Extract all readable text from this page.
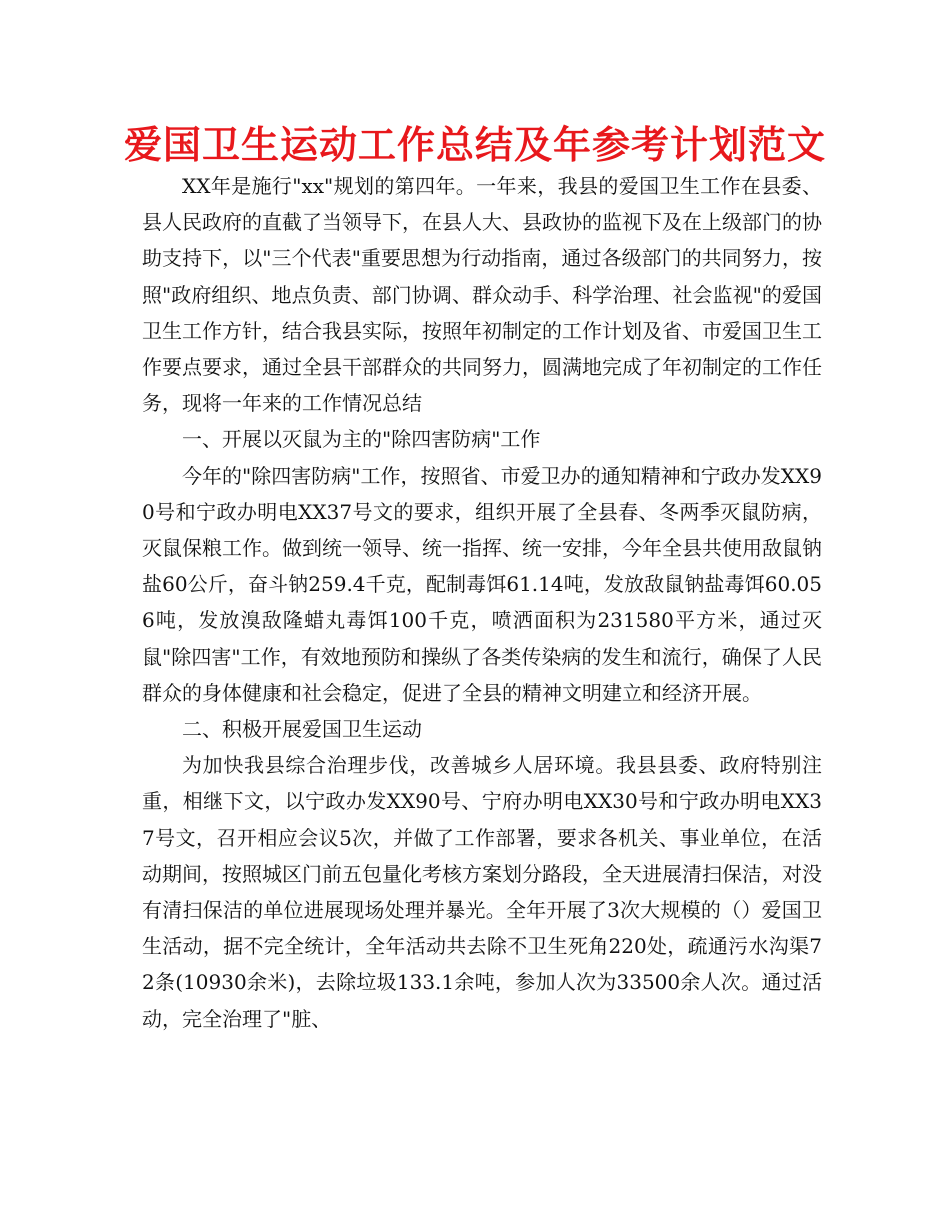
爱国卫生运动工作总结及年参考计划范文

XX年是施行"xx"规划的第四年。一年来，我县的爱国卫生工作在县委、县人民政府的直截了当领导下，在县人大、县政协的监视下及在上级部门的协助支持下，以"三个代表"重要思想为行动指南，通过各级部门的共同努力，按照"政府组织、地点负责、部门协调、群众动手、科学治理、社会监视"的爱国卫生工作方针，结合我县实际，按照年初制定的工作计划及省、市爱国卫生工作要点要求，通过全县干部群众的共同努力，圆满地完成了年初制定的工作任务，现将一年来的工作情况总结

一、开展以灭鼠为主的"除四害防病"工作

今年的"除四害防病"工作，按照省、市爱卫办的通知精神和宁政办发XX90号和宁政办明电XX37号文的要求，组织开展了全县春、冬两季灭鼠防病，灭鼠保粮工作。做到统一领导、统一指挥、统一安排，今年全县共使用敌鼠钠盐60公斤，奋斗钠259.4千克，配制毒饵61.14吨，发放敌鼠钠盐毒饵60.056吨，发放溴敌隆蜡丸毒饵100千克，喷洒面积为231580平方米，通过灭鼠"除四害"工作，有效地预防和操纵了各类传染病的发生和流行，确保了人民群众的身体健康和社会稳定，促进了全县的精神文明建立和经济开展。

二、积极开展爱国卫生运动

为加快我县综合治理步伐，改善城乡人居环境。我县县委、政府特别注重，相继下文，以宁政办发XX90号、宁府办明电XX30号和宁政办明电XX37号文，召开相应会议5次，并做了工作部署，要求各机关、事业单位，在活动期间，按照城区门前五包量化考核方案划分路段，全天进展清扫保洁，对没有清扫保洁的单位进展现场处理并暴光。全年开展了3次大规模的（）爱国卫生活动，据不完全统计，全年活动共去除不卫生死角220处，疏通污水沟渠72条(10930余米)，去除垃圾133.1余吨，参加人次为33500余人次。通过活动，完全治理了"脏、
